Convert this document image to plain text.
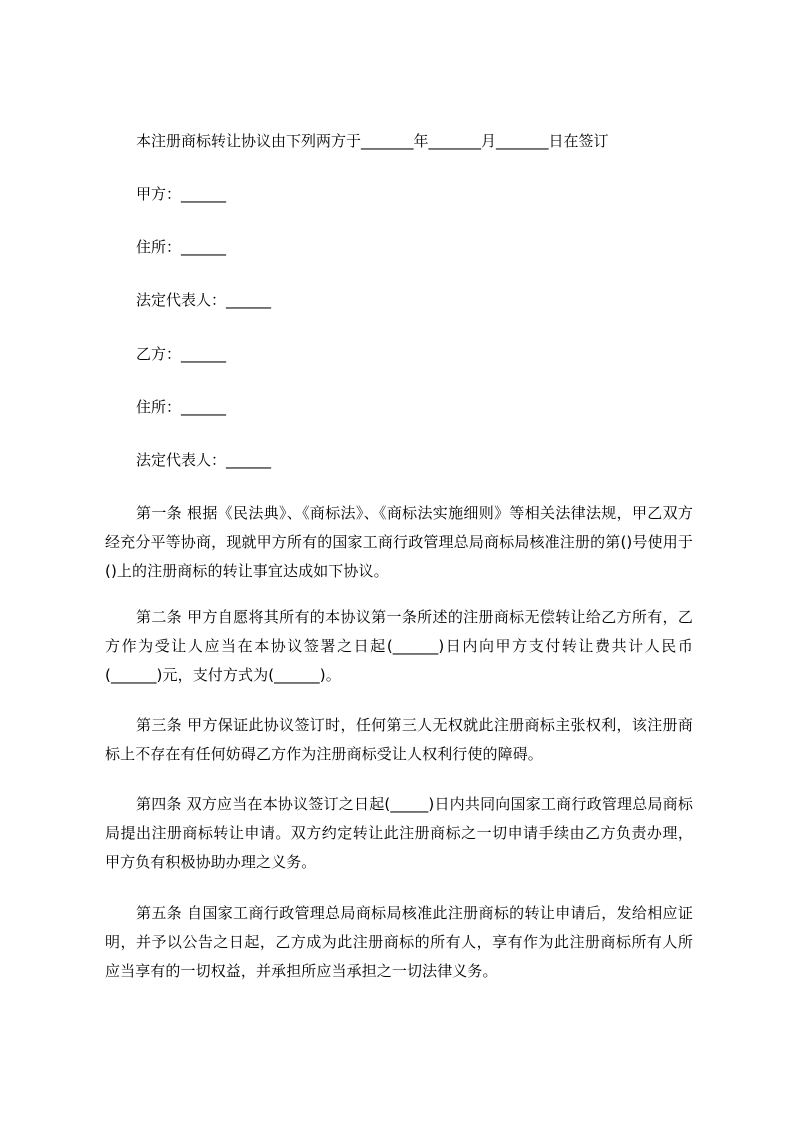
本注册商标转让协议由下列两方于_______年_______月_______日在签订

甲方：______

住所：______

法定代表人：______

乙方：______

住所：______

法定代表人：______

第一条 根据《民法典》、《商标法》、《商标法实施细则》等相关法律法规，甲乙双方经充分平等协商，现就甲方所有的国家工商行政管理总局商标局核准注册的第()号使用于()上的注册商标的转让事宜达成如下协议。

第二条 甲方自愿将其所有的本协议第一条所述的注册商标无偿转让给乙方所有，乙方作为受让人应当在本协议签署之日起(______)日内向甲方支付转让费共计人民币(______)元，支付方式为(______)。

第三条 甲方保证此协议签订时，任何第三人无权就此注册商标主张权利，该注册商标上不存在有任何妨碍乙方作为注册商标受让人权利行使的障碍。

第四条 双方应当在本协议签订之日起(_____)日内共同向国家工商行政管理总局商标局提出注册商标转让申请。双方约定转让此注册商标之一切申请手续由乙方负责办理，甲方负有积极协助办理之义务。

第五条 自国家工商行政管理总局商标局核准此注册商标的转让申请后，发给相应证明，并予以公告之日起，乙方成为此注册商标的所有人，享有作为此注册商标所有人所应当享有的一切权益，并承担所应当承担之一切法律义务。
